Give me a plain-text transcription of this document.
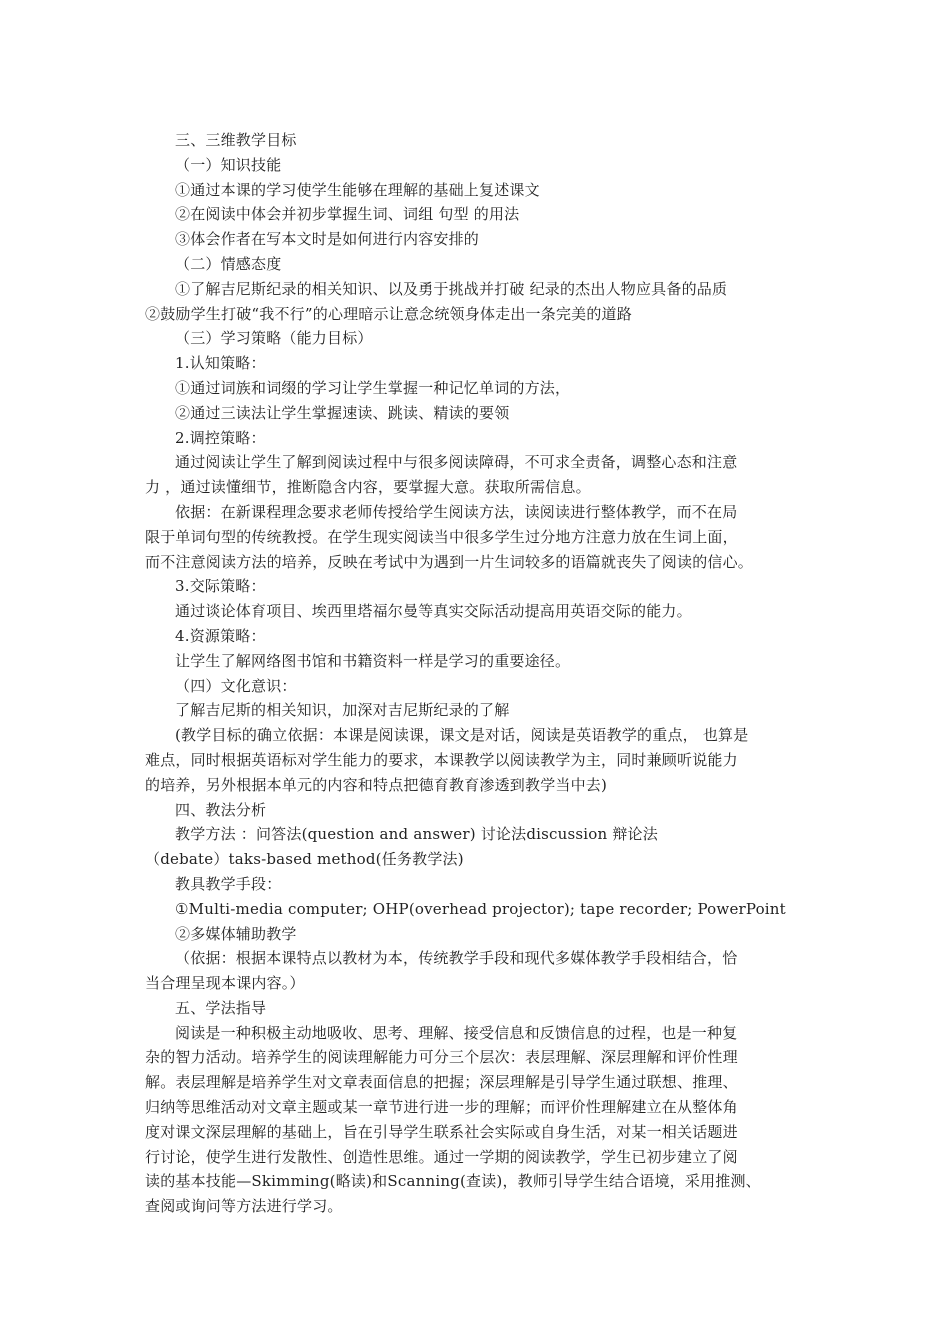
三、三维教学目标
（一）知识技能
①通过本课的学习使学生能够在理解的基础上复述课文
②在阅读中体会并初步掌握生词、词组 句型 的用法
③体会作者在写本文时是如何进行内容安排的
（二）情感态度
①了解吉尼斯纪录的相关知识、以及勇于挑战并打破 纪录的杰出人物应具备的品质
②鼓励学生打破“我不行”的心理暗示让意念统领身体走出一条完美的道路
（三）学习策略（能力目标）
1.认知策略：
①通过词族和词缀的学习让学生掌握一种记忆单词的方法，
②通过三读法让学生掌握速读、跳读、精读的要领
2.调控策略：
通过阅读让学生了解到阅读过程中与很多阅读障碍，不可求全责备，调整心态和注意
力 ，通过读懂细节，推断隐含内容，要掌握大意。获取所需信息。
依据：在新课程理念要求老师传授给学生阅读方法，读阅读进行整体教学，而不在局
限于单词句型的传统教授。在学生现实阅读当中很多学生过分地方注意力放在生词上面，
而不注意阅读方法的培养，反映在考试中为遇到一片生词较多的语篇就丧失了阅读的信心。
3.交际策略：
通过谈论体育项目、埃西里塔福尔曼等真实交际活动提高用英语交际的能力。
4.资源策略：
让学生了解网络图书馆和书籍资料一样是学习的重要途径。
（四）文化意识：
了解吉尼斯的相关知识，加深对吉尼斯纪录的了解
(教学目标的确立依据：本课是阅读课，课文是对话，阅读是英语教学的重点， 也算是
难点，同时根据英语标对学生能力的要求，本课教学以阅读教学为主，同时兼顾听说能力
的培养，另外根据本单元的内容和特点把德育教育渗透到教学当中去)
四、教法分析
教学方法 ：问答法(question and answer) 讨论法discussion 辩论法
（debate）taks-based method(任务教学法)
教具教学手段：
①Multi-media computer; OHP(overhead projector); tape recorder; PowerPoint
②多媒体辅助教学
（依据：根据本课特点以教材为本，传统教学手段和现代多媒体教学手段相结合，恰
当合理呈现本课内容。）
五、学法指导
阅读是一种积极主动地吸收、思考、理解、接受信息和反馈信息的过程，也是一种复
杂的智力活动。培养学生的阅读理解能力可分三个层次：表层理解、深层理解和评价性理
解。表层理解是培养学生对文章表面信息的把握；深层理解是引导学生通过联想、推理、
归纳等思维活动对文章主题或某一章节进行进一步的理解；而评价性理解建立在从整体角
度对课文深层理解的基础上，旨在引导学生联系社会实际或自身生活，对某一相关话题进
行讨论，使学生进行发散性、创造性思维。通过一学期的阅读教学，学生已初步建立了阅
读的基本技能—Skimming(略读)和Scanning(查读)，教师引导学生结合语境，采用推测、
查阅或询问等方法进行学习。
